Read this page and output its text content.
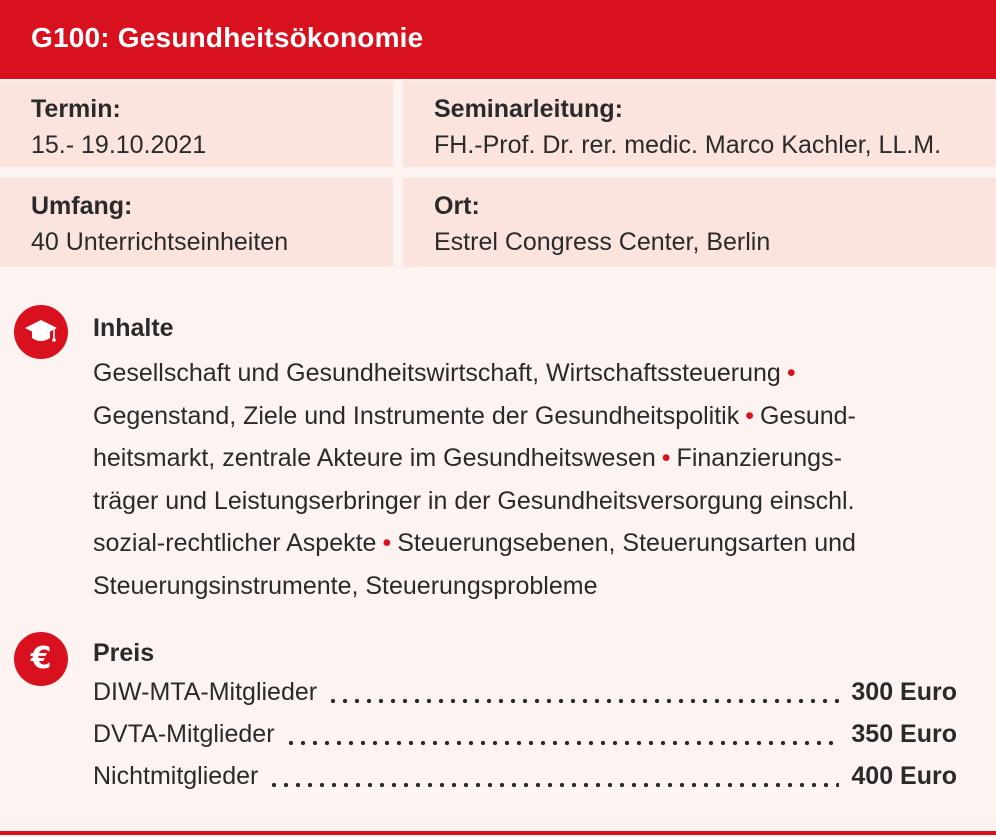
G100: Gesundheitsökonomie
Termin:
15.- 19.10.2021
Seminarleitung:
FH.-Prof. Dr. rer. medic. Marco Kachler, LL.M.
Umfang:
40 Unterrichtseinheiten
Ort:
Estrel Congress Center, Berlin
Inhalte
Gesellschaft und Gesundheitswirtschaft, Wirtschaftssteuerung •
Gegenstand, Ziele und Instrumente der Gesundheitspolitik • Gesund-
heitsmarkt, zentrale Akteure im Gesundheitswesen • Finanzierungs-
träger und Leistungserbringer in der Gesundheitsversorgung einschl.
sozial-rechtlicher Aspekte • Steuerungsebenen, Steuerungsarten und
Steuerungsinstrumente, Steuerungsprobleme
€ Preis
DIW-MTA-Mitglieder	300 Euro
DVTA-Mitglieder	350 Euro
Nichtmitglieder	400 Euro
